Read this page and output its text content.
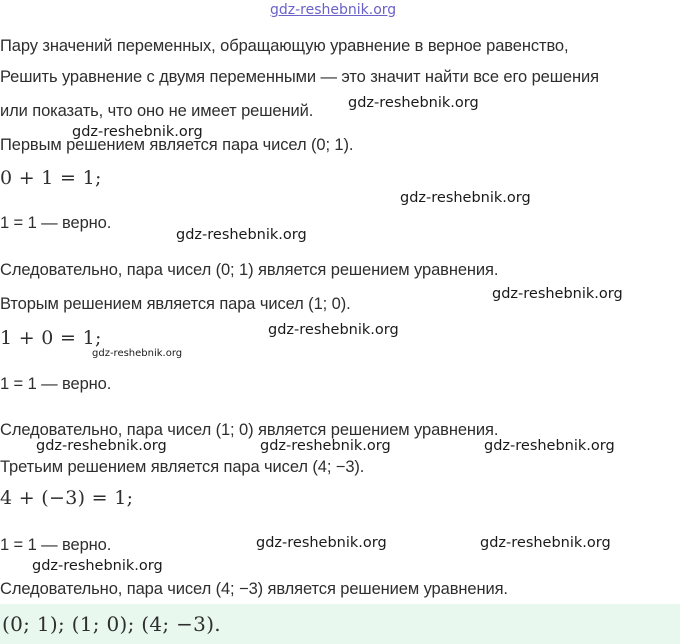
gdz-reshebnik.org
Пару значений переменных, обращающую уравнение в верное равенство,
Решить уравнение с двумя переменными — это значит найти все его решения
или показать, что оно не имеет решений.
Первым решением является пара чисел (0; 1).
0 + 1 = 1;
1 = 1 — верно.
Следовательно, пара чисел (0; 1) является решением уравнения.
Вторым решением является пара чисел (1; 0).
1 + 0 = 1;
1 = 1 — верно.
Следовательно, пара чисел (1; 0) является решением уравнения.
Третьим решением является пара чисел (4; −3).
4 + (−3) = 1;
1 = 1 — верно.
Следовательно, пара чисел (4; −3) является решением уравнения.
(0; 1); (1; 0); (4; −3).
gdz-reshebnik.org
gdz-reshebnik.org
gdz-reshebnik.org
gdz-reshebnik.org
gdz-reshebnik.org
gdz-reshebnik.org
gdz-reshebnik.org
gdz-reshebnik.org	gdz-reshebnik.org	gdz-reshebnik.org
gdz-reshebnik.org	gdz-reshebnik.org
gdz-reshebnik.org
